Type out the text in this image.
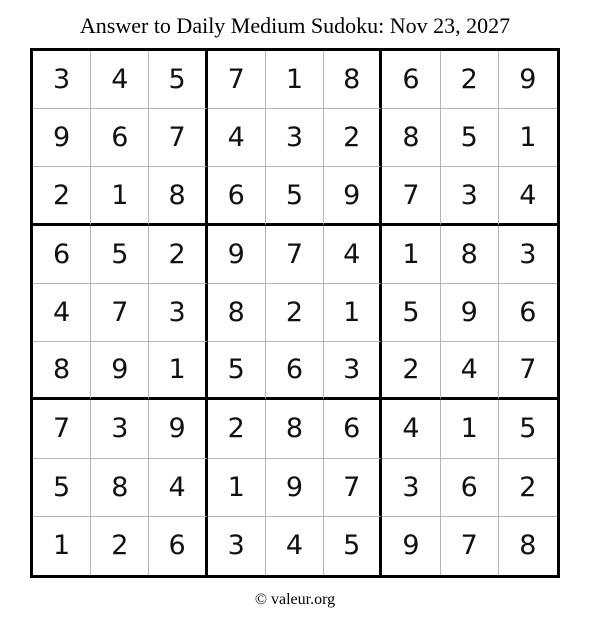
Answer to Daily Medium Sudoku: Nov 23, 2027
3	4	5	7	1	8	6	2	9
9	6	7	4	3	2	8	5	1
2	1	8	6	5	9	7	3	4
6	5	2	9	7	4	1	8	3
4	7	3	8	2	1	5	9	6
8	9	1	5	6	3	2	4	7
7	3	9	2	8	6	4	1	5
5	8	4	1	9	7	3	6	2
1	2	6	3	4	5	9	7	8
© valeur.org
